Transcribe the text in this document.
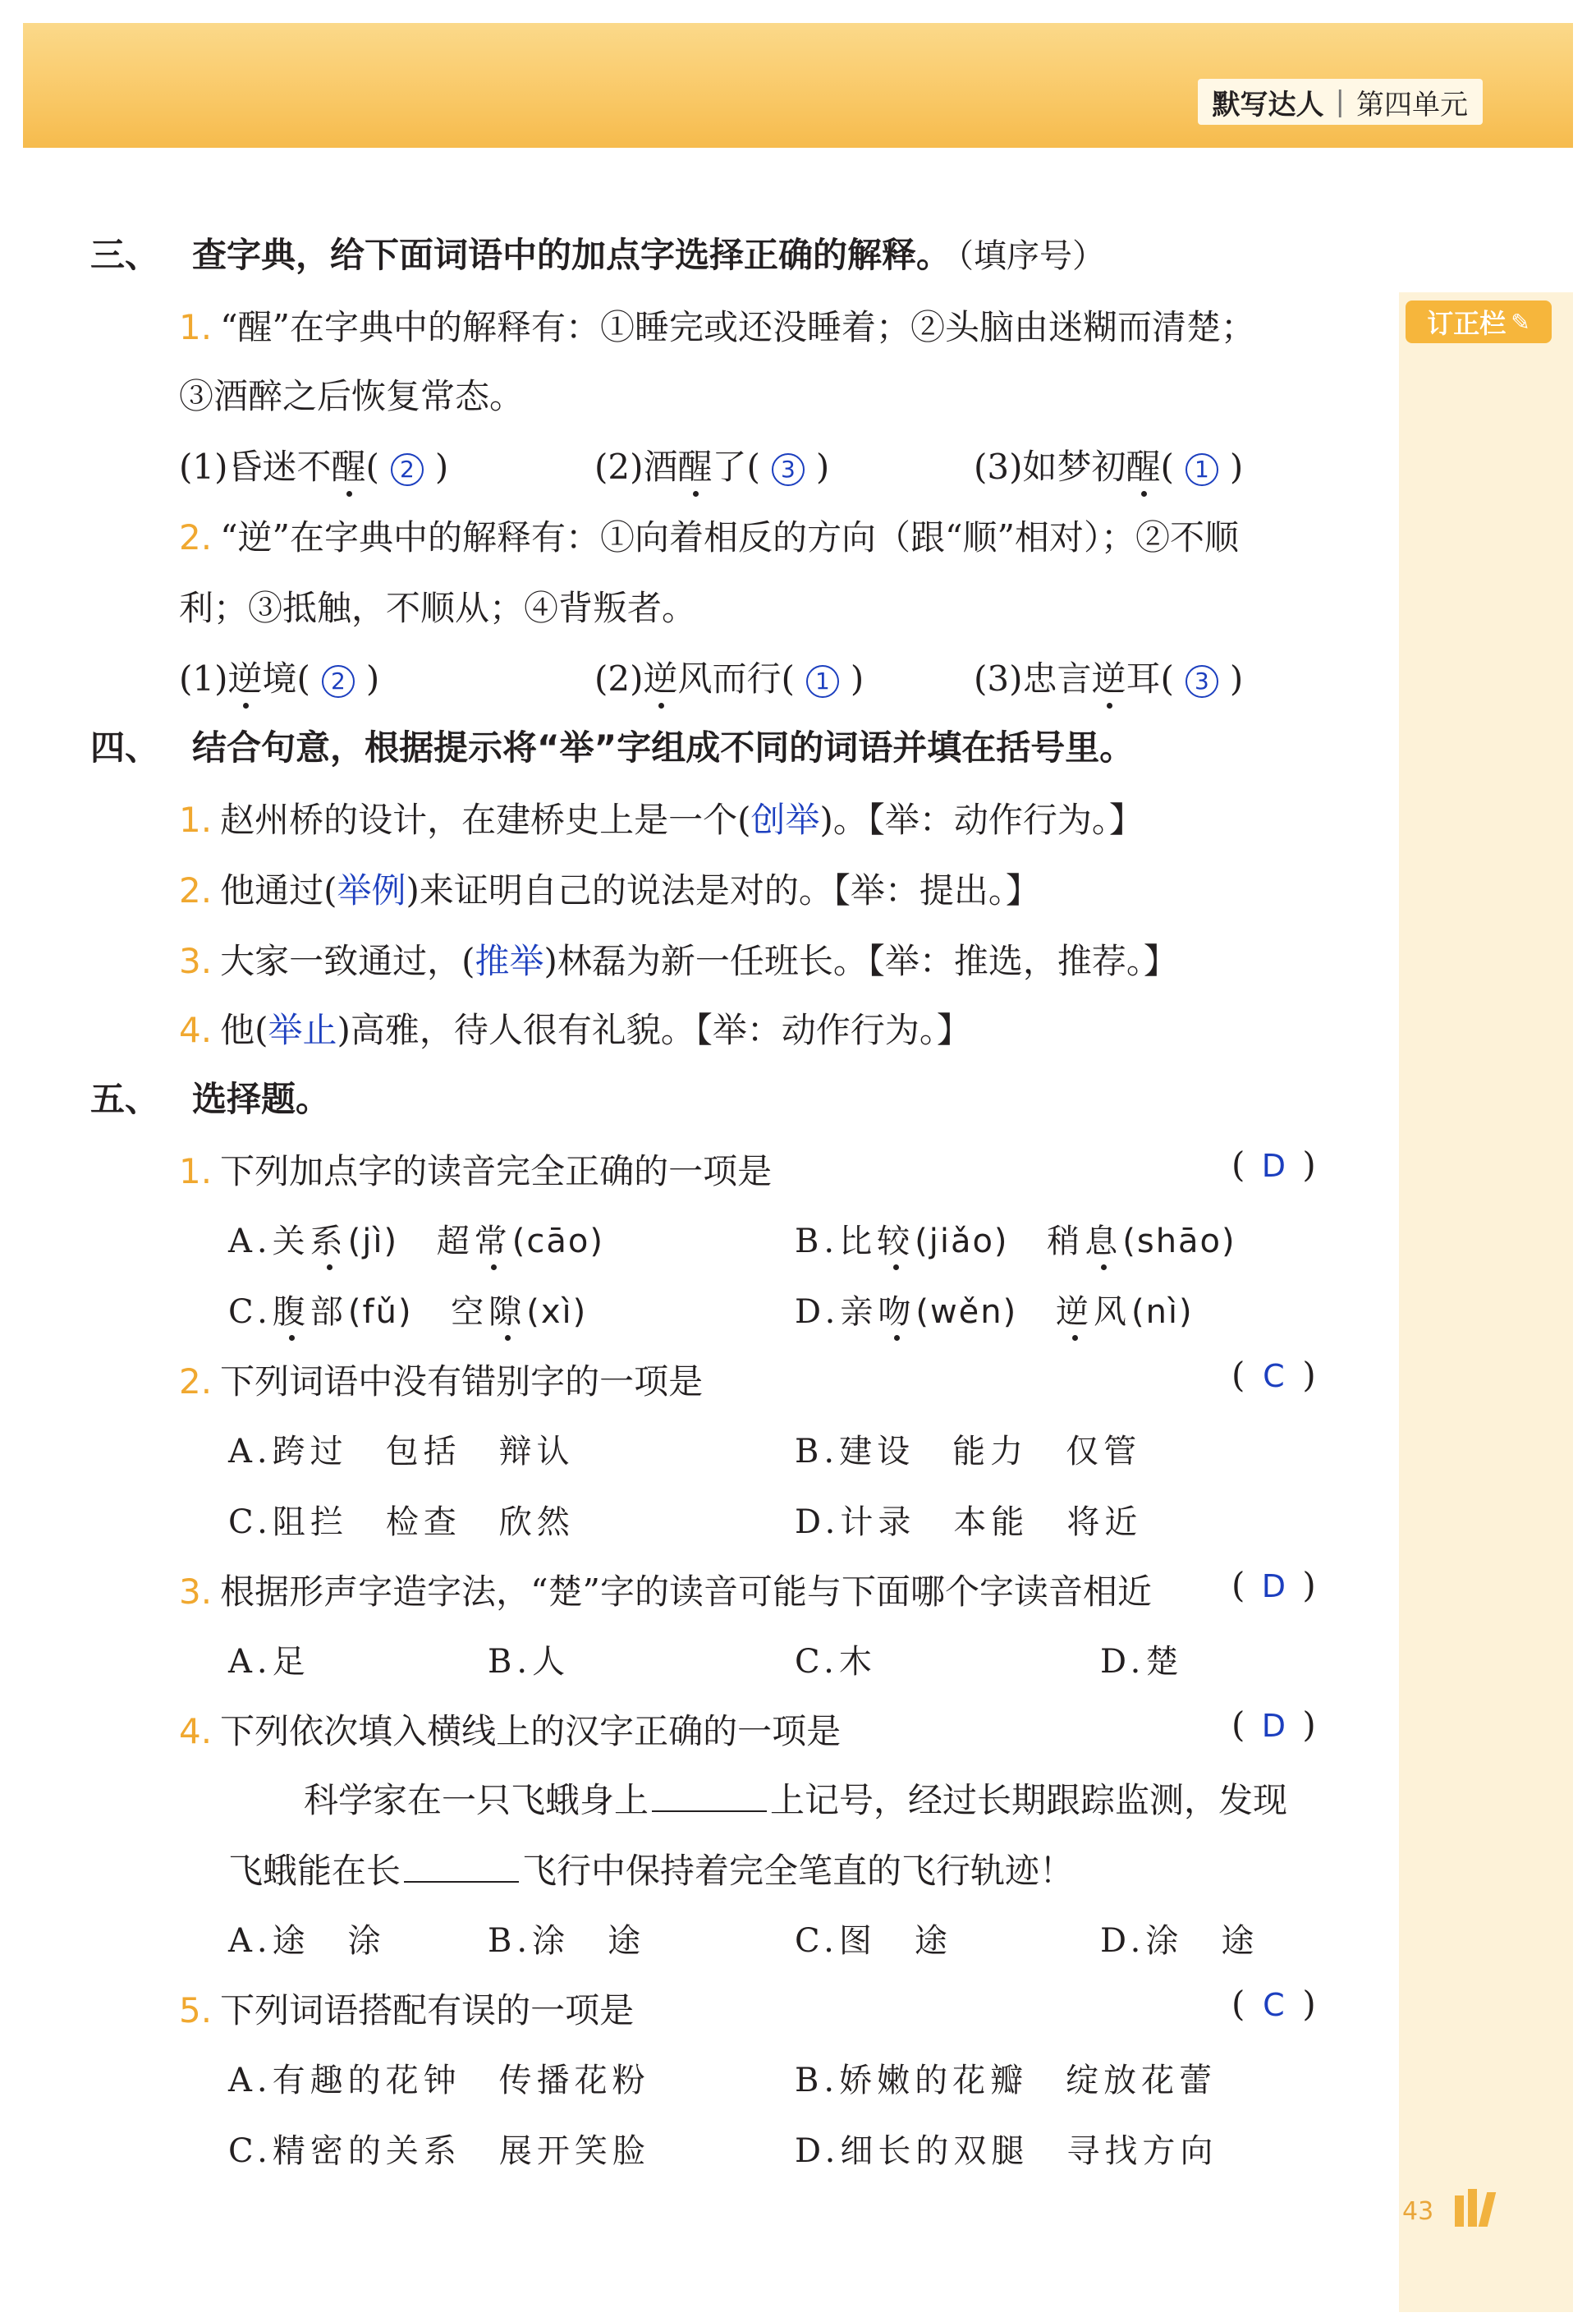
默写达人 | 第四单元
订正栏 ✎
三、 查字典，给下面词语中的加点字选择正确的解释。 （填序号）
1. “醒”在字典中的解释有：①睡完或还没睡着；②头脑由迷糊而清楚；
③酒醉之后恢复常态。
(1)昏迷不醒( 2 )	(2)酒醒了( 3 )	(3)如梦初醒( 1 )
2. “逆”在字典中的解释有：①向着相反的方向（跟“顺”相对）；②不顺
利；③抵触，不顺从；④背叛者。
(1)逆境( 2 )	(2)逆风而行( 1 )	(3)忠言逆耳( 3 )
四、 结合句意，根据提示将“举”字组成不同的词语并填在括号里。
1. 赵州桥的设计，在建桥史上是一个(创举)。【举：动作行为。】
2. 他通过(举例)来证明自己的说法是对的。【举：提出。】
3. 大家一致通过，(推举)林磊为新一任班长。【举：推选，推荐。】
4. 他(举止)高雅，待人很有礼貌。【举：动作行为。】
五、 选择题。
1. 下列加点字的读音完全正确的一项是	( D )
A.关系(jì) 超常(cāo)	B.比较(jiǎo) 稍息(shāo)
C.腹部(fǔ) 空隙(xì)	D.亲吻(wěn) 逆风(nì)
2. 下列词语中没有错别字的一项是	( C )
A.跨过　包括　辩认	B.建设　能力　仅管
C.阻拦　检查　欣然	D.计录　本能　将近
3. 根据形声字造字法，“楚”字的读音可能与下面哪个字读音相近 ( D )
A.足	B.人	C.木	D.楚
4. 下列依次填入横线上的汉字正确的一项是	( D )
科学家在一只飞蛾身上	上记号，经过长期跟踪监测，发现
飞蛾能在长	飞行中保持着完全笔直的飞行轨迹！
A.途　涂	B.涂　途	C.图　途	D.涂　途
5. 下列词语搭配有误的一项是	( C )
A.有趣的花钟　传播花粉	B.娇嫩的花瓣　绽放花蕾
C.精密的关系　展开笑脸	D.细长的双腿　寻找方向
43
